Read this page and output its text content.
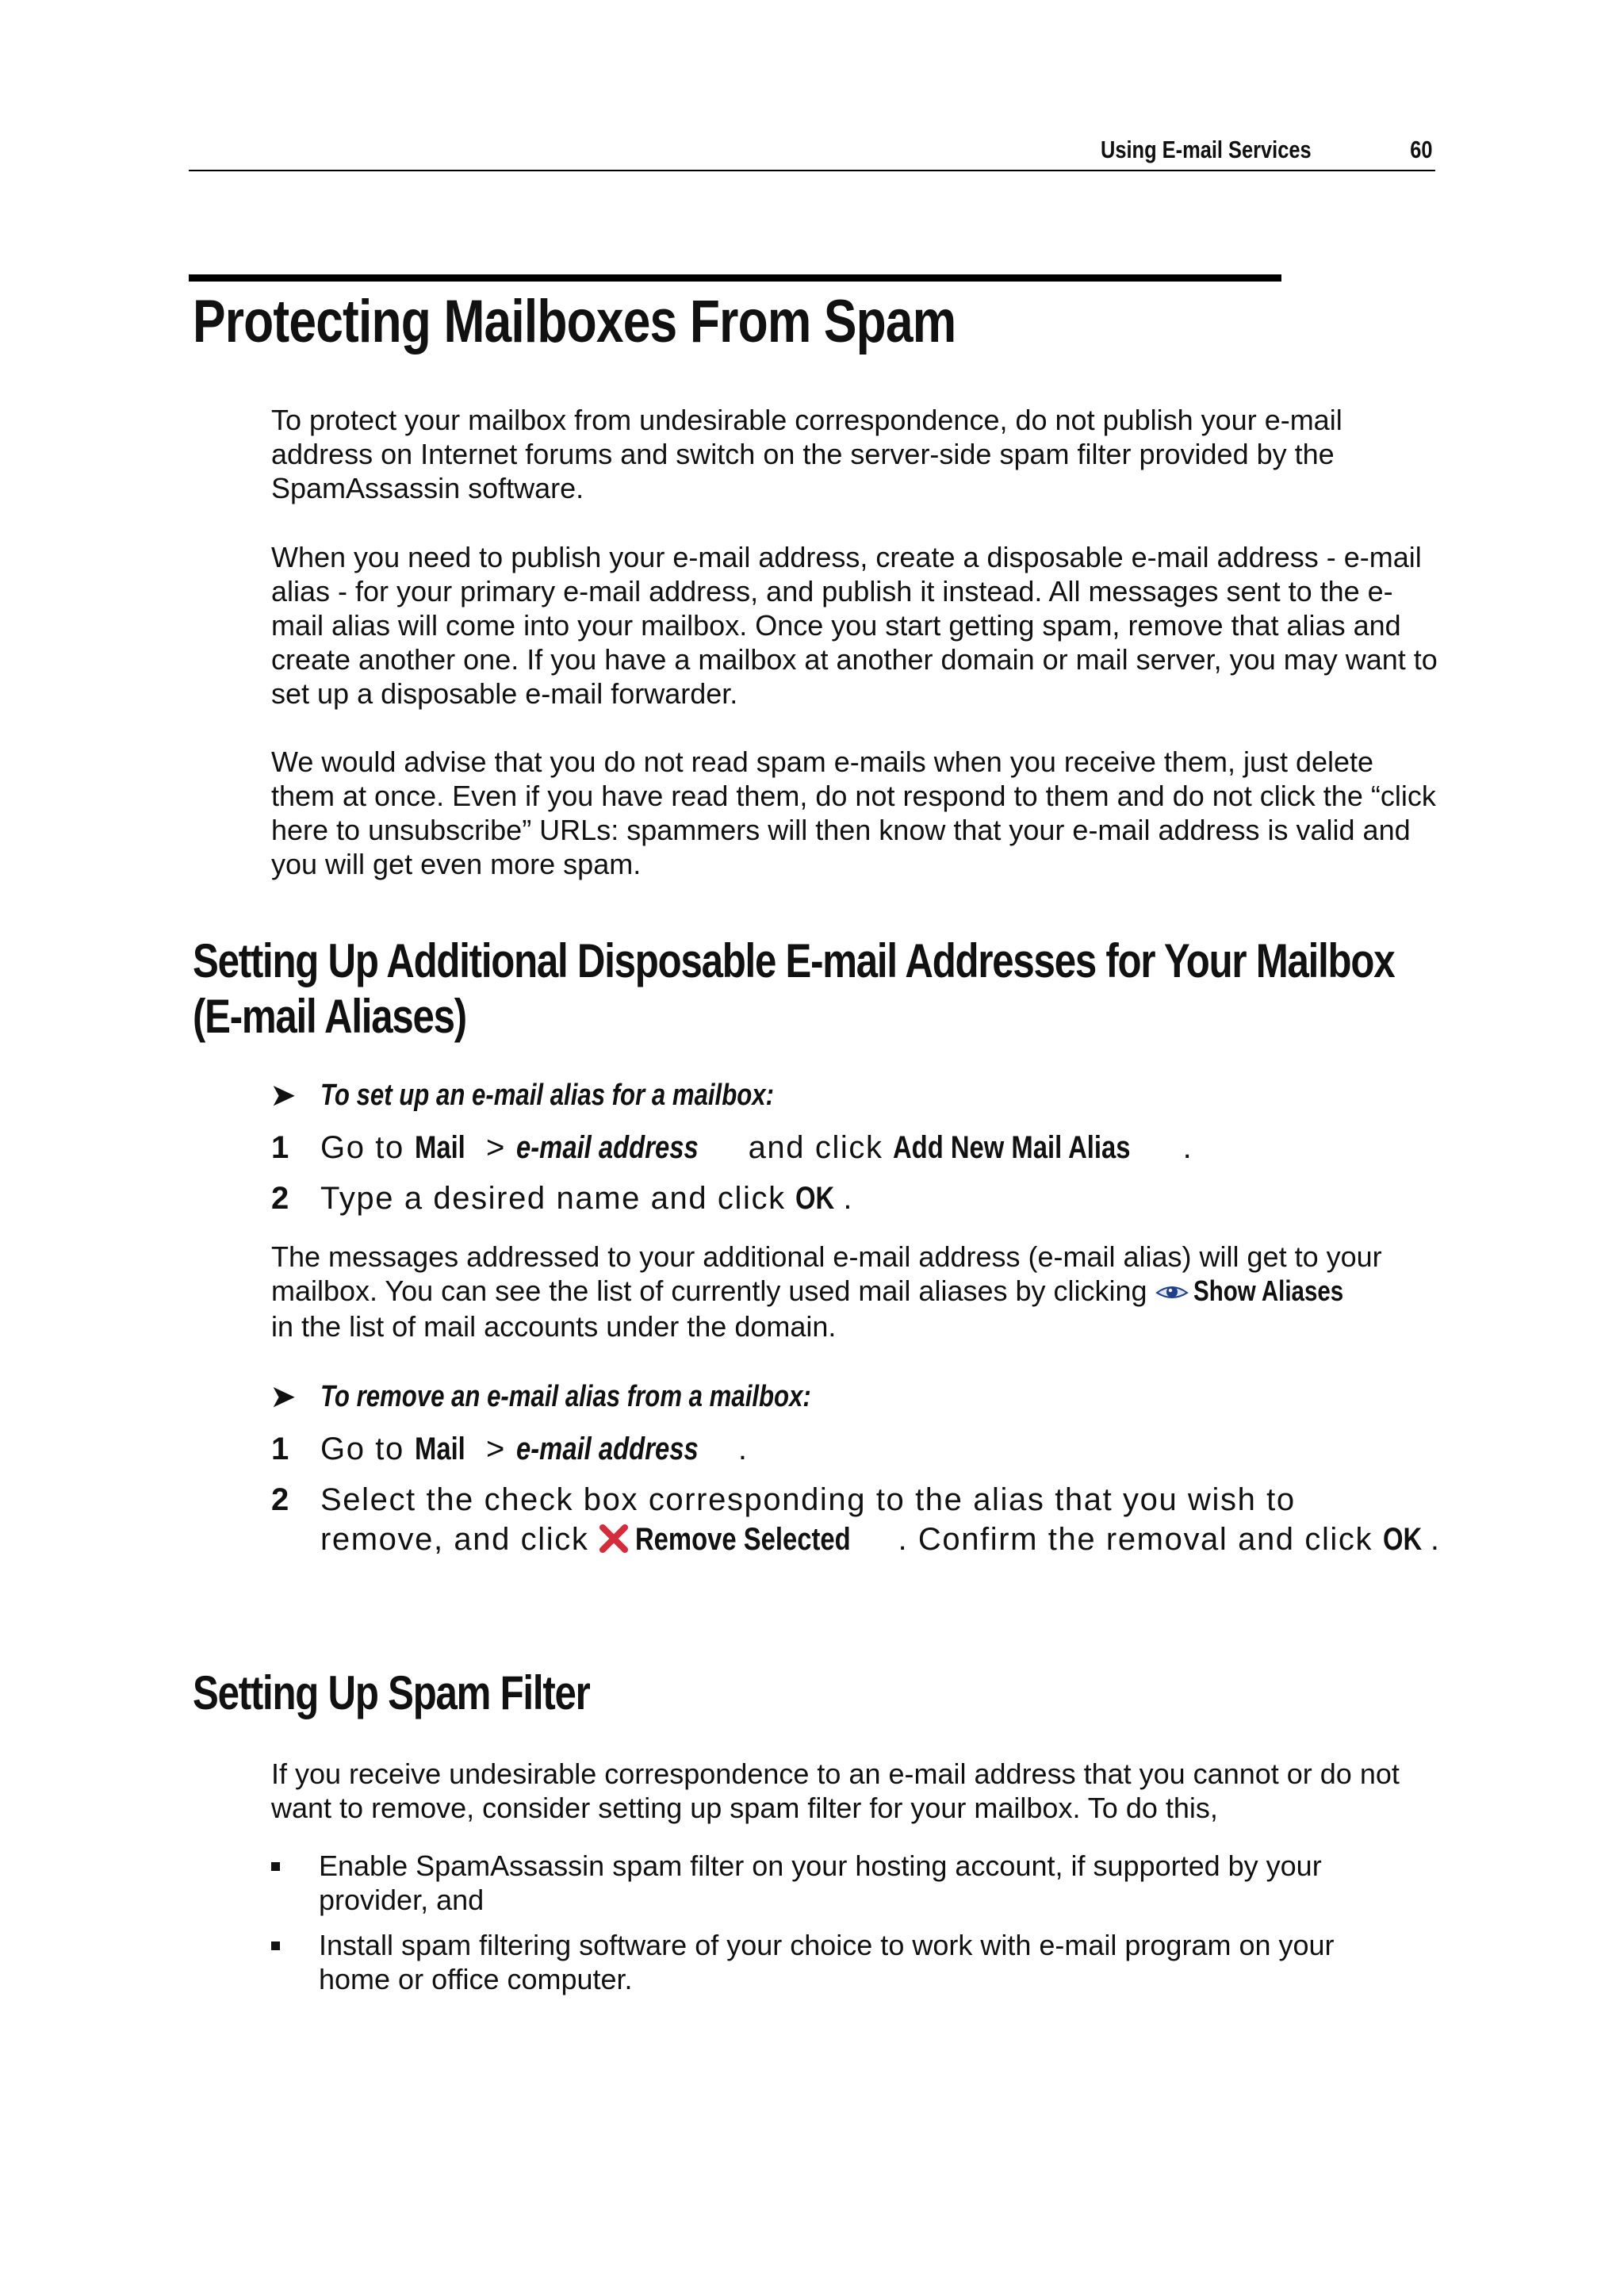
Using E-mail Services	60
Protecting Mailboxes From Spam

To protect your mailbox from undesirable correspondence, do not publish your e-mail address on Internet forums and switch on the server-side spam filter provided by the SpamAssassin software.

When you need to publish your e-mail address, create a disposable e-mail address - e-mail alias - for your primary e-mail address, and publish it instead. All messages sent to the e-mail alias will come into your mailbox. Once you start getting spam, remove that alias and create another one. If you have a mailbox at another domain or mail server, you may want to set up a disposable e-mail forwarder.

We would advise that you do not read spam e-mails when you receive them, just delete them at once. Even if you have read them, do not respond to them and do not click the “click here to unsubscribe” URLs: spammers will then know that your e-mail address is valid and you will get even more spam.

Setting Up Additional Disposable E-mail Addresses for Your Mailbox
(E-mail Aliases)
➤ To set up an e-mail alias for a mailbox:
1 Go to Mail > e-mail address and click Add New Mail Alias .
2 Type a desired name and click OK .

The messages addressed to your additional e-mail address (e-mail alias) will get to your mailbox. You can see the list of currently used mail aliases by clicking Show Aliases in the list of mail accounts under the domain.

➤ To remove an e-mail alias from a mailbox:
1 Go to Mail > e-mail address .
2 Select the check box corresponding to the alias that you wish to
remove, and click Remove Selected . Confirm the removal and click OK .
Setting Up Spam Filter

If you receive undesirable correspondence to an e-mail address that you cannot or do not want to remove, consider setting up spam filter for your mailbox. To do this,

Enable SpamAssassin spam filter on your hosting account, if supported by your provider, and
Install spam filtering software of your choice to work with e-mail program on your home or office computer.
